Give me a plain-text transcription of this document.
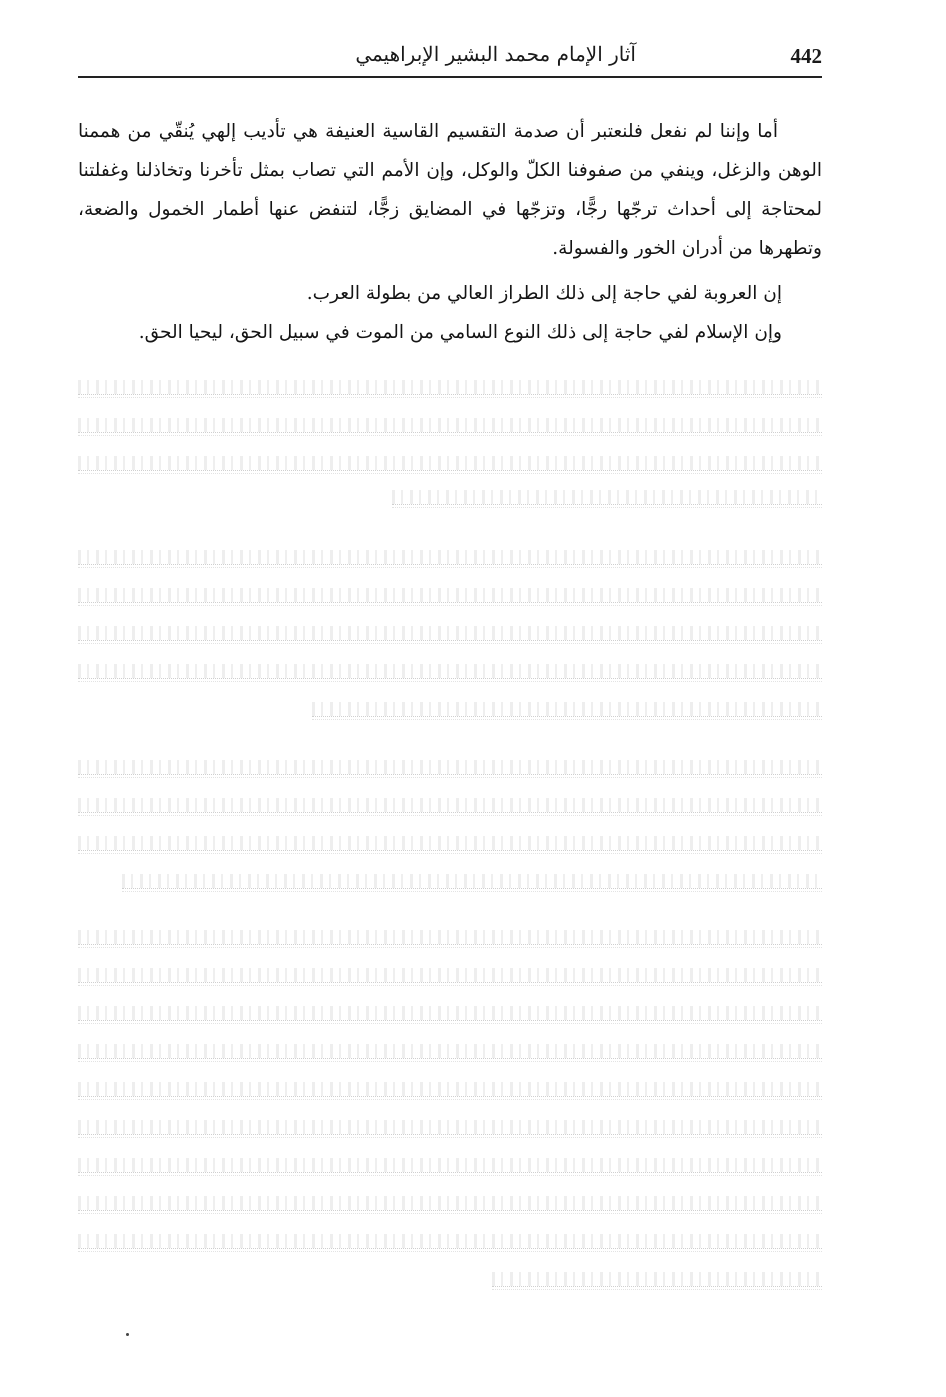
442
آثار الإمام محمد البشير الإبراهيمي

أما وإننا لم نفعل فلنعتبر أن صدمة التقسيم القاسية العنيفة هي تأديب إلهي يُنقّي من هممنا الوهن والزغل، وينفي من صفوفنا الكلّ والوكل، وإن الأمم التي تصاب بمثل تأخرنا وتخاذلنا وغفلتنا لمحتاجة إلى أحداث ترجّها رجًّا، وتزجّها في المضايق زجًّا، لتنفض عنها أطمار الخمول والضعة، وتطهرها من أدران الخور والفسولة.

إن العروبة لفي حاجة إلى ذلك الطراز العالي من بطولة العرب.

وإن الإسلام لفي حاجة إلى ذلك النوع السامي من الموت في سبيل الحق، ليحيا الحق.
